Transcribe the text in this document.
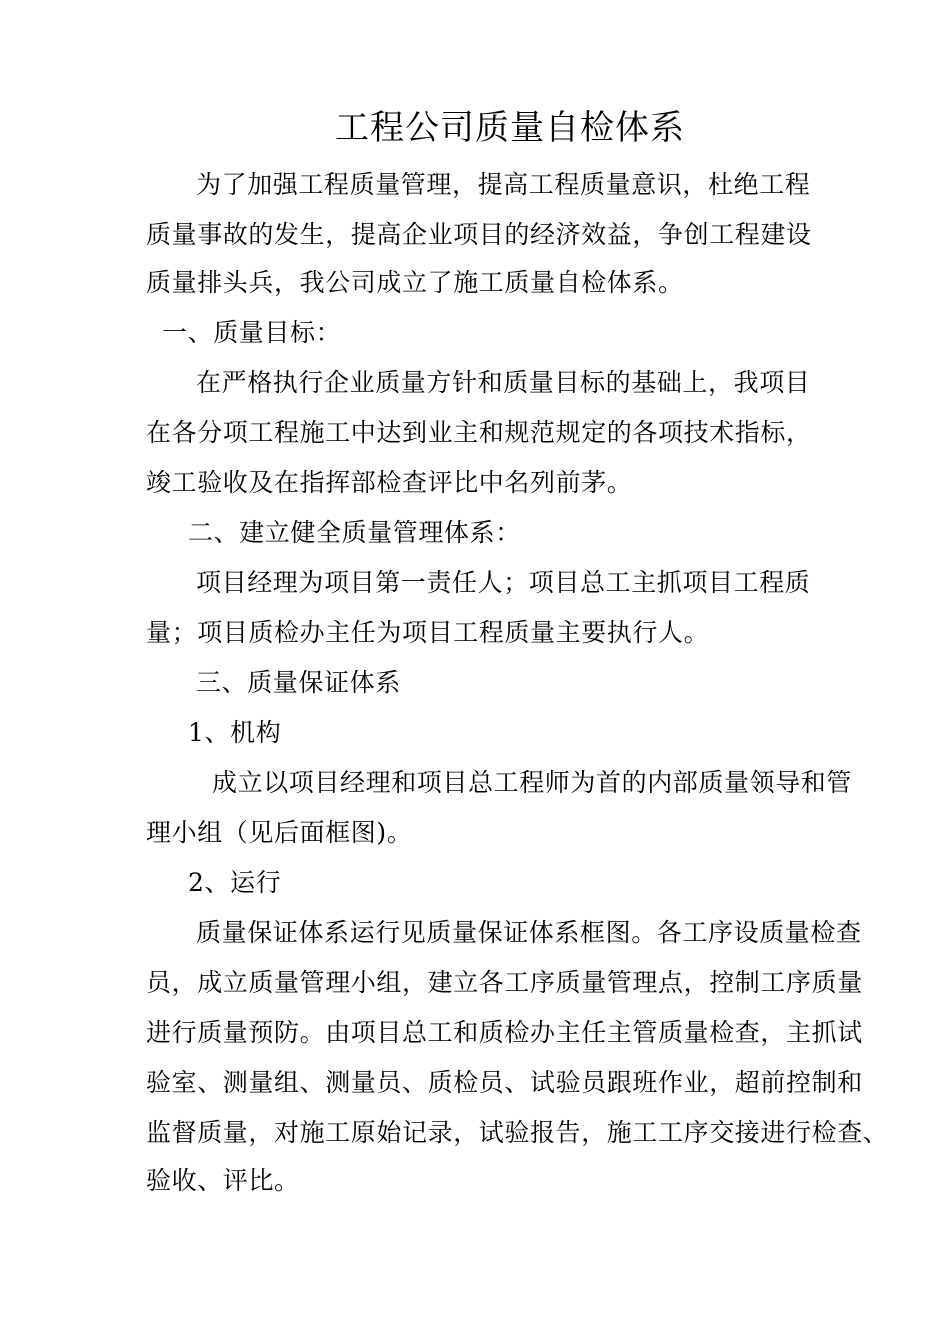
工程公司质量自检体系
为了加强工程质量管理，提高工程质量意识，杜绝工程
质量事故的发生，提高企业项目的经济效益，争创工程建设
质量排头兵，我公司成立了施工质量自检体系。
一、质量目标：
在严格执行企业质量方针和质量目标的基础上，我项目
在各分项工程施工中达到业主和规范规定的各项技术指标，
竣工验收及在指挥部检查评比中名列前茅。
二、建立健全质量管理体系：
项目经理为项目第一责任人；项目总工主抓项目工程质
量；项目质检办主任为项目工程质量主要执行人。
三、质量保证体系
1、机构
成立以项目经理和项目总工程师为首的内部质量领导和管
理小组（见后面框图)。
2、运行
质量保证体系运行见质量保证体系框图。各工序设质量检查
员，成立质量管理小组，建立各工序质量管理点，控制工序质量
进行质量预防。由项目总工和质检办主任主管质量检查，主抓试
验室、测量组、测量员、质检员、试验员跟班作业，超前控制和
监督质量，对施工原始记录，试验报告，施工工序交接进行检查、
验收、评比。
